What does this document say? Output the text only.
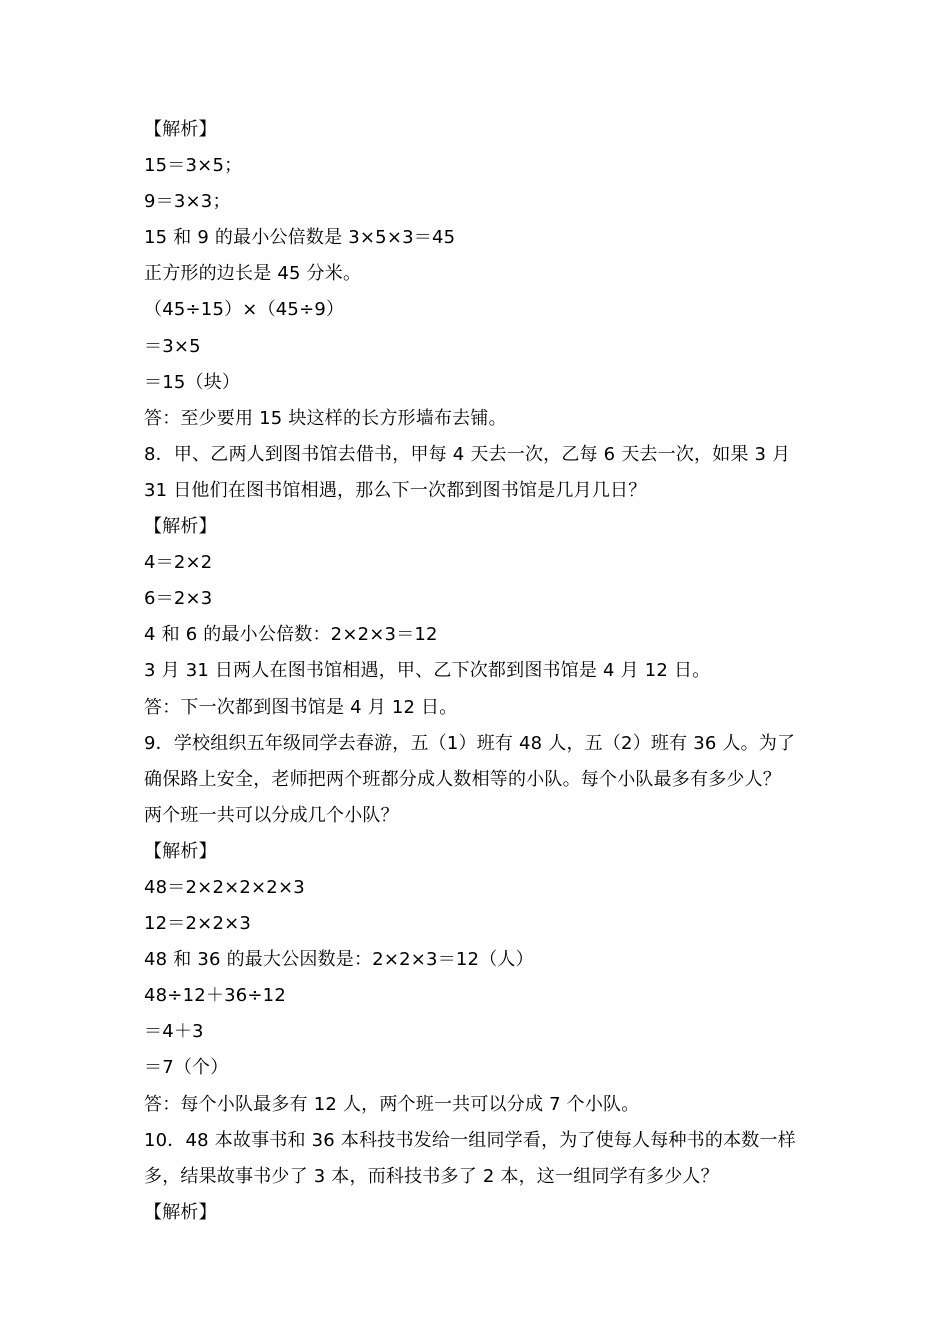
【解析】
15＝3×5；
9＝3×3；
15 和 9 的最小公倍数是 3×5×3＝45
正方形的边长是 45 分米。
（45÷15）×（45÷9）
＝3×5
＝15（块）
答：至少要用 15 块这样的长方形墙布去铺。
8．甲、乙两人到图书馆去借书，甲每 4 天去一次，乙每 6 天去一次，如果 3 月
31 日他们在图书馆相遇，那么下一次都到图书馆是几月几日？
【解析】
4＝2×2
6＝2×3
4 和 6 的最小公倍数：2×2×3＝12
3 月 31 日两人在图书馆相遇，甲、乙下次都到图书馆是 4 月 12 日。
答：下一次都到图书馆是 4 月 12 日。
9．学校组织五年级同学去春游，五（1）班有 48 人，五（2）班有 36 人。为了
确保路上安全，老师把两个班都分成人数相等的小队。每个小队最多有多少人？
两个班一共可以分成几个小队？
【解析】
48＝2×2×2×2×3
12＝2×2×3
48 和 36 的最大公因数是：2×2×3＝12（人）
48÷12＋36÷12
＝4＋3
＝7（个）
答：每个小队最多有 12 人，两个班一共可以分成 7 个小队。
10．48 本故事书和 36 本科技书发给一组同学看，为了使每人每种书的本数一样
多，结果故事书少了 3 本，而科技书多了 2 本，这一组同学有多少人？
【解析】
